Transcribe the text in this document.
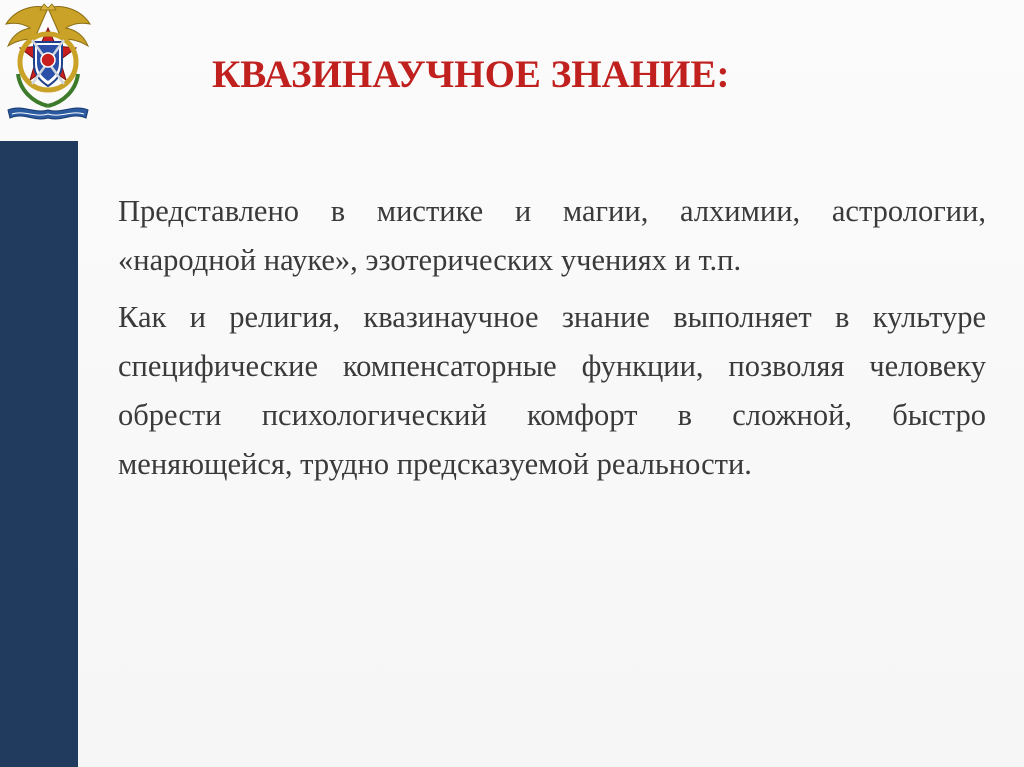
КВАЗИНАУЧНОЕ ЗНАНИЕ:

Представлено в мистике и магии, алхимии, астрологии, «народной науке», эзотерических учениях и т.п.

Как и религия, квазинаучное знание выполняет в культуре специфические компенсаторные функции, позволяя человеку обрести психологический комфорт в сложной, быстро меняющейся, трудно предсказуемой реальности.
